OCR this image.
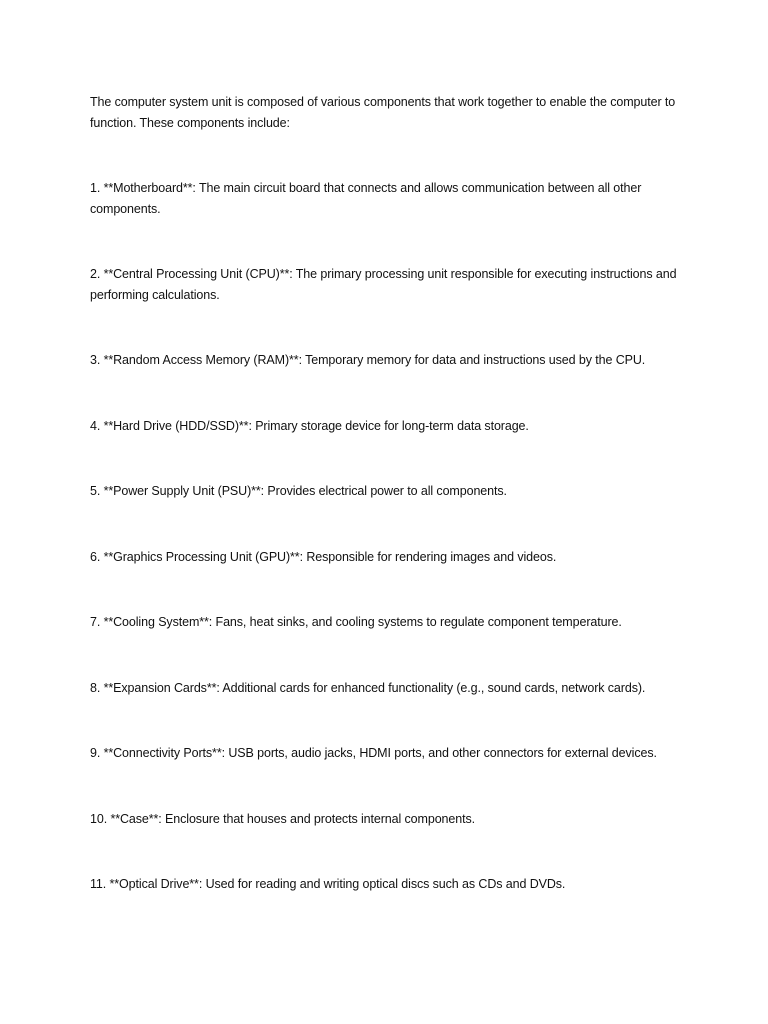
The computer system unit is composed of various components that work together to enable the computer to function. These components include:

1. **Motherboard**: The main circuit board that connects and allows communication between all other components.

2. **Central Processing Unit (CPU)**: The primary processing unit responsible for executing instructions and performing calculations.

3. **Random Access Memory (RAM)**: Temporary memory for data and instructions used by the CPU.

4. **Hard Drive (HDD/SSD)**: Primary storage device for long-term data storage.

5. **Power Supply Unit (PSU)**: Provides electrical power to all components.

6. **Graphics Processing Unit (GPU)**: Responsible for rendering images and videos.

7. **Cooling System**: Fans, heat sinks, and cooling systems to regulate component temperature.

8. **Expansion Cards**: Additional cards for enhanced functionality (e.g., sound cards, network cards).

9. **Connectivity Ports**: USB ports, audio jacks, HDMI ports, and other connectors for external devices.

10. **Case**: Enclosure that houses and protects internal components.

11. **Optical Drive**: Used for reading and writing optical discs such as CDs and DVDs.
